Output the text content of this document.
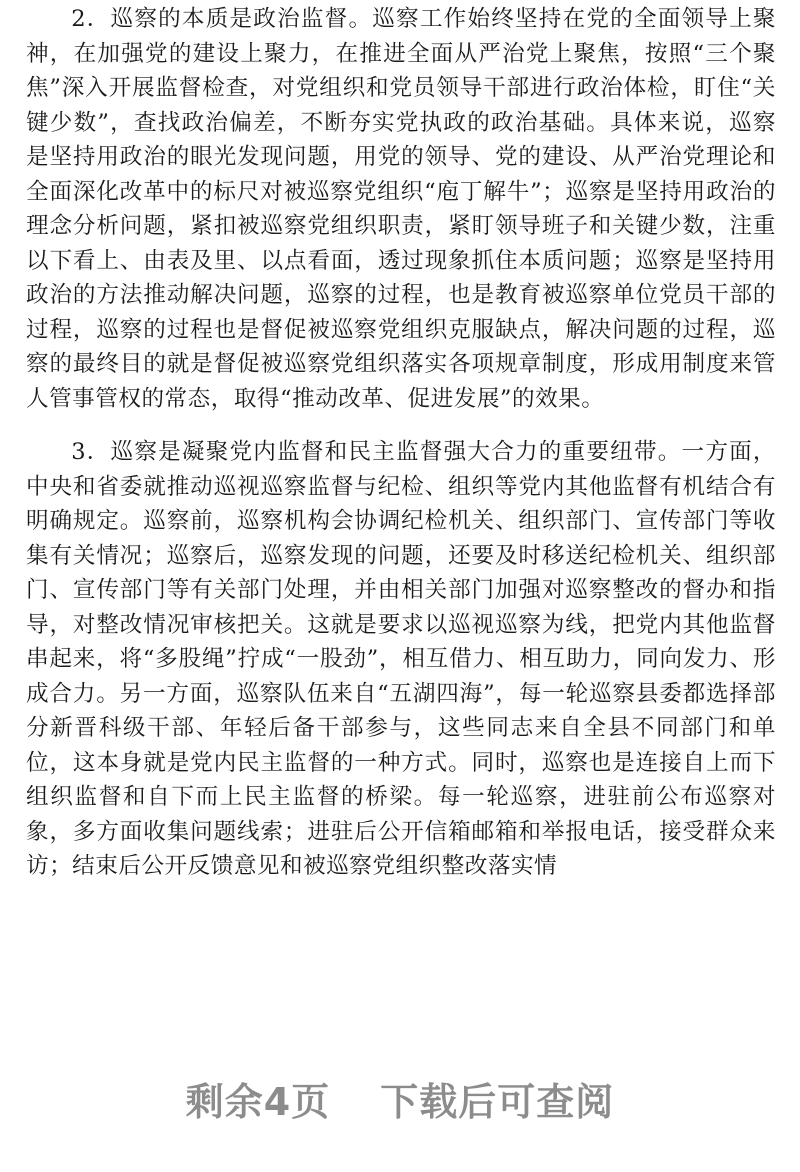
2．巡察的本质是政治监督。巡察工作始终坚持在党的全面领导上聚神，在加强党的建设上聚力，在推进全面从严治党上聚焦，按照“三个聚焦”深入开展监督检查，对党组织和党员领导干部进行政治体检，盯住“关键少数”，查找政治偏差，不断夯实党执政的政治基础。具体来说，巡察是坚持用政治的眼光发现问题，用党的领导、党的建设、从严治党理论和全面深化改革中的标尺对被巡察党组织“庖丁解牛”；巡察是坚持用政治的理念分析问题，紧扣被巡察党组织职责，紧盯领导班子和关键少数，注重以下看上、由表及里、以点看面，透过现象抓住本质问题；巡察是坚持用政治的方法推动解决问题，巡察的过程，也是教育被巡察单位党员干部的过程，巡察的过程也是督促被巡察党组织克服缺点，解决问题的过程，巡察的最终目的就是督促被巡察党组织落实各项规章制度，形成用制度来管人管事管权的常态，取得“推动改革、促进发展”的效果。

3．巡察是凝聚党内监督和民主监督强大合力的重要纽带。一方面，中央和省委就推动巡视巡察监督与纪检、组织等党内其他监督有机结合有明确规定。巡察前，巡察机构会协调纪检机关、组织部门、宣传部门等收集有关情况；巡察后，巡察发现的问题，还要及时移送纪检机关、组织部门、宣传部门等有关部门处理，并由相关部门加强对巡察整改的督办和指导，对整改情况审核把关。这就是要求以巡视巡察为线，把党内其他监督串起来，将“多股绳”拧成“一股劲”，相互借力、相互助力，同向发力、形成合力。另一方面，巡察队伍来自“五湖四海”，每一轮巡察县委都选择部分新晋科级干部、年轻后备干部参与，这些同志来自全县不同部门和单位，这本身就是党内民主监督的一种方式。同时，巡察也是连接自上而下组织监督和自下而上民主监督的桥梁。每一轮巡察，进驻前公布巡察对象，多方面收集问题线索；进驻后公开信箱邮箱和举报电话，接受群众来访；结束后公开反馈意见和被巡察党组织整改落实情

剩余4页 下载后可查阅
